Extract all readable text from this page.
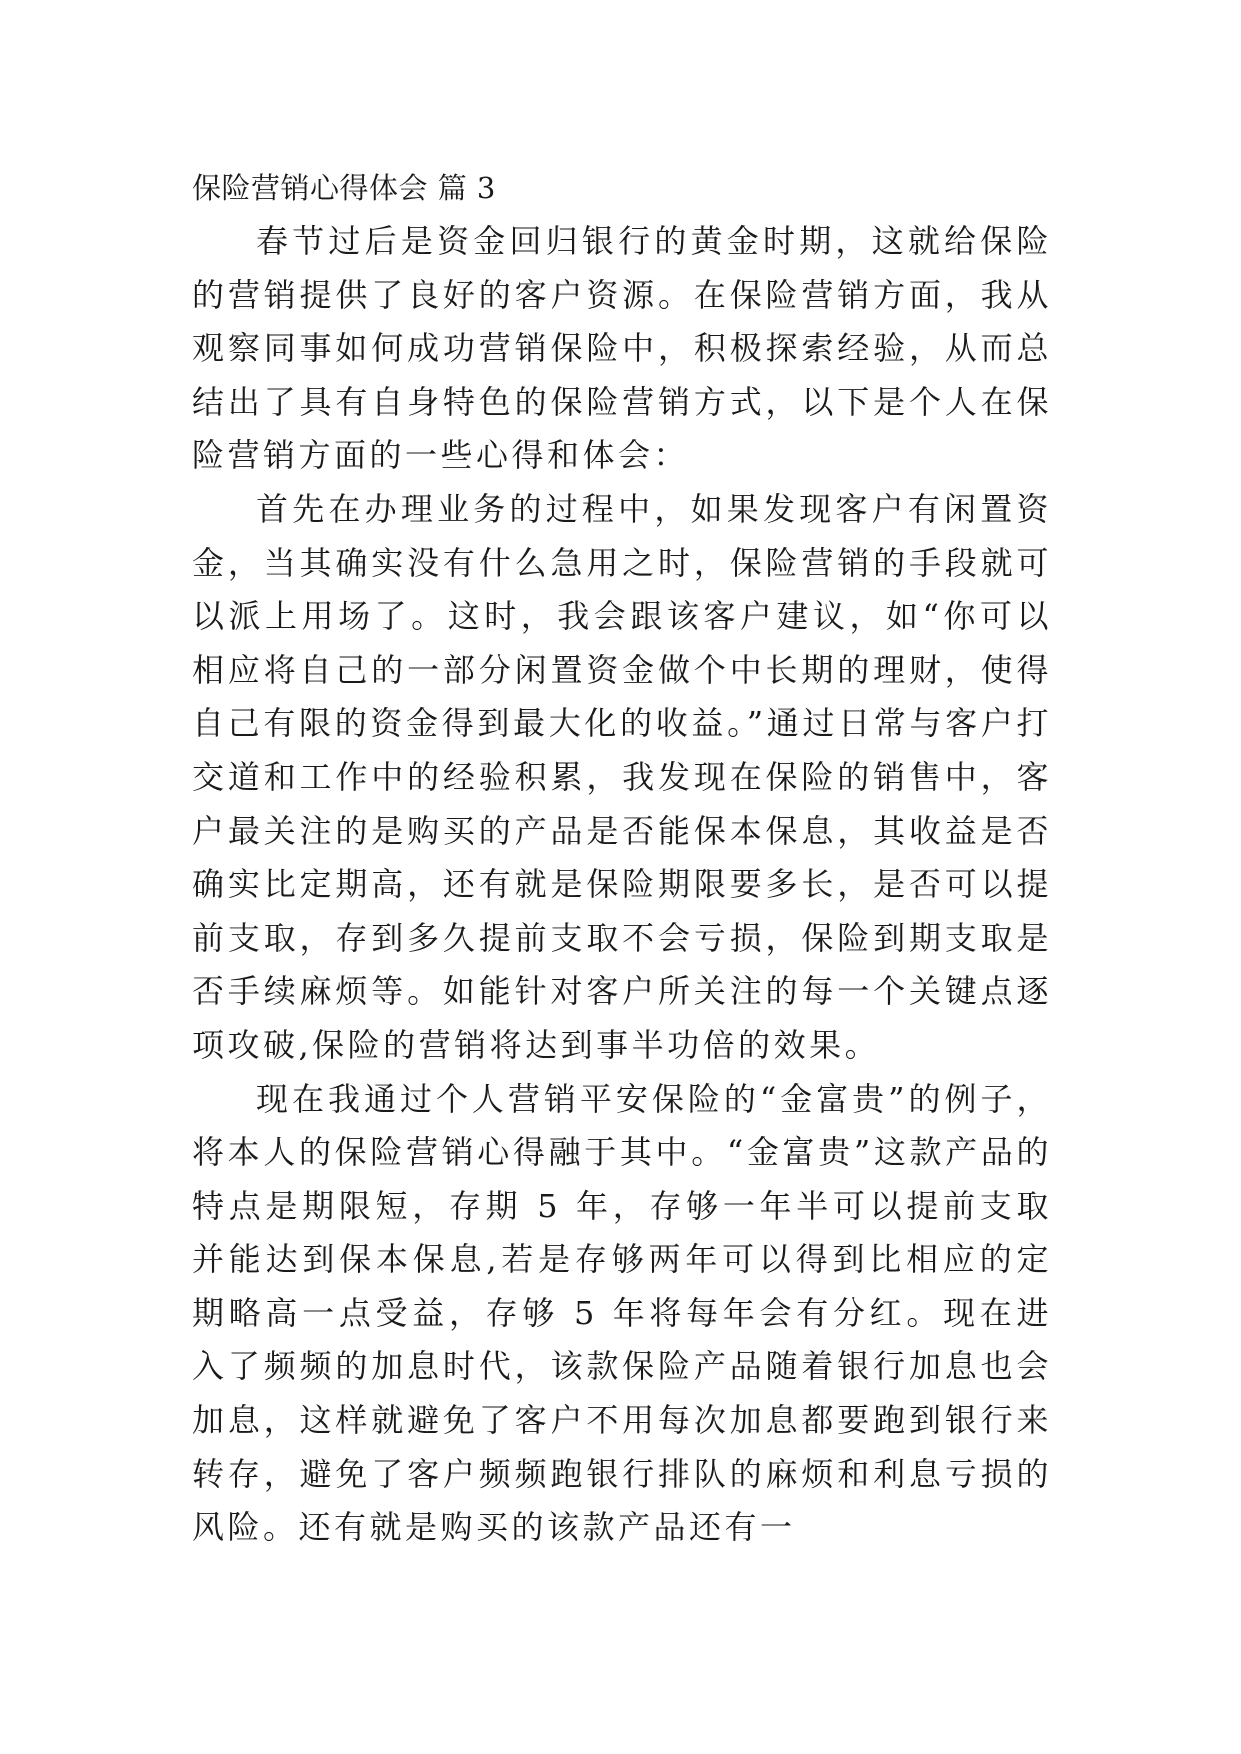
保险营销心得体会 篇 3

春节过后是资金回归银行的黄金时期，这就给保险的营销提供了良好的客户资源。在保险营销方面，我从观察同事如何成功营销保险中，积极探索经验，从而总结出了具有自身特色的保险营销方式，以下是个人在保险营销方面的一些心得和体会：

首先在办理业务的过程中，如果发现客户有闲置资金，当其确实没有什么急用之时，保险营销的手段就可以派上用场了。这时，我会跟该客户建议，如“你可以相应将自己的一部分闲置资金做个中长期的理财，使得自己有限的资金得到最大化的收益。”通过日常与客户打交道和工作中的经验积累，我发现在保险的销售中，客户最关注的是购买的产品是否能保本保息，其收益是否确实比定期高，还有就是保险期限要多长，是否可以提前支取，存到多久提前支取不会亏损，保险到期支取是否手续麻烦等。如能针对客户所关注的每一个关键点逐项攻破,保险的营销将达到事半功倍的效果。

现在我通过个人营销平安保险的“金富贵”的例子，将本人的保险营销心得融于其中。“金富贵”这款产品的特点是期限短，存期 5 年，存够一年半可以提前支取并能达到保本保息,若是存够两年可以得到比相应的定期略高一点受益，存够 5 年将每年会有分红。现在进入了频频的加息时代，该款保险产品随着银行加息也会加息，这样就避免了客户不用每次加息都要跑到银行来转存，避免了客户频频跑银行排队的麻烦和利息亏损的风险。还有就是购买的该款产品还有一
